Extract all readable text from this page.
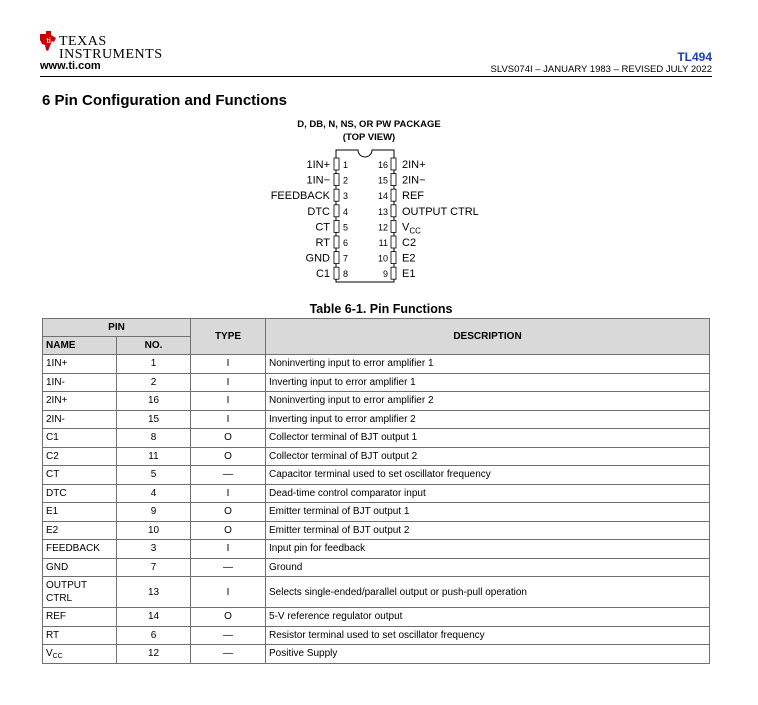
ti TEXAS
INSTRUMENTS
www.ti.com
TL494
SLVS074I – JANUARY 1983 – REVISED JULY 2022
6 Pin Configuration and Functions
D, DB, N, NS, OR PW PACKAGE
(TOP VIEW)
1IN+ 1
1IN− 2
FEEDBACK 3
DTC 4
CT 5
RT 6
GND 7
C1 8
16 2IN+
15 2IN−
14 REF
13 OUTPUT CTRL
12 $V_{CC}$
11 C2
10 E2
9 E1
Table 6-1. Pin Functions
PIN		TYPE	DESCRIPTION
NAME	NO.		
1IN+	1	I	Noninverting input to error amplifier 1
1IN-	2	I	Inverting input to error amplifier 1
2IN+	16	I	Noninverting input to error amplifier 2
2IN-	15	I	Inverting input to error amplifier 2
C1	8	O	Collector terminal of BJT output 1
C2	11	O	Collector terminal of BJT output 2
CT	5	—	Capacitor terminal used to set oscillator frequency
DTC	4	I	Dead-time control comparator input
E1	9	O	Emitter terminal of BJT output 1
E2	10	O	Emitter terminal of BJT output 2
FEEDBACK	3	I	Input pin for feedback
GND	7	—	Ground
OUTPUT CTRL	13	I	Selects single-ended/parallel output or push-pull operation
REF	14	O	5-V reference regulator output
RT	6	—	Resistor terminal used to set oscillator frequency
$V_{CC}$	12	—	Positive Supply
